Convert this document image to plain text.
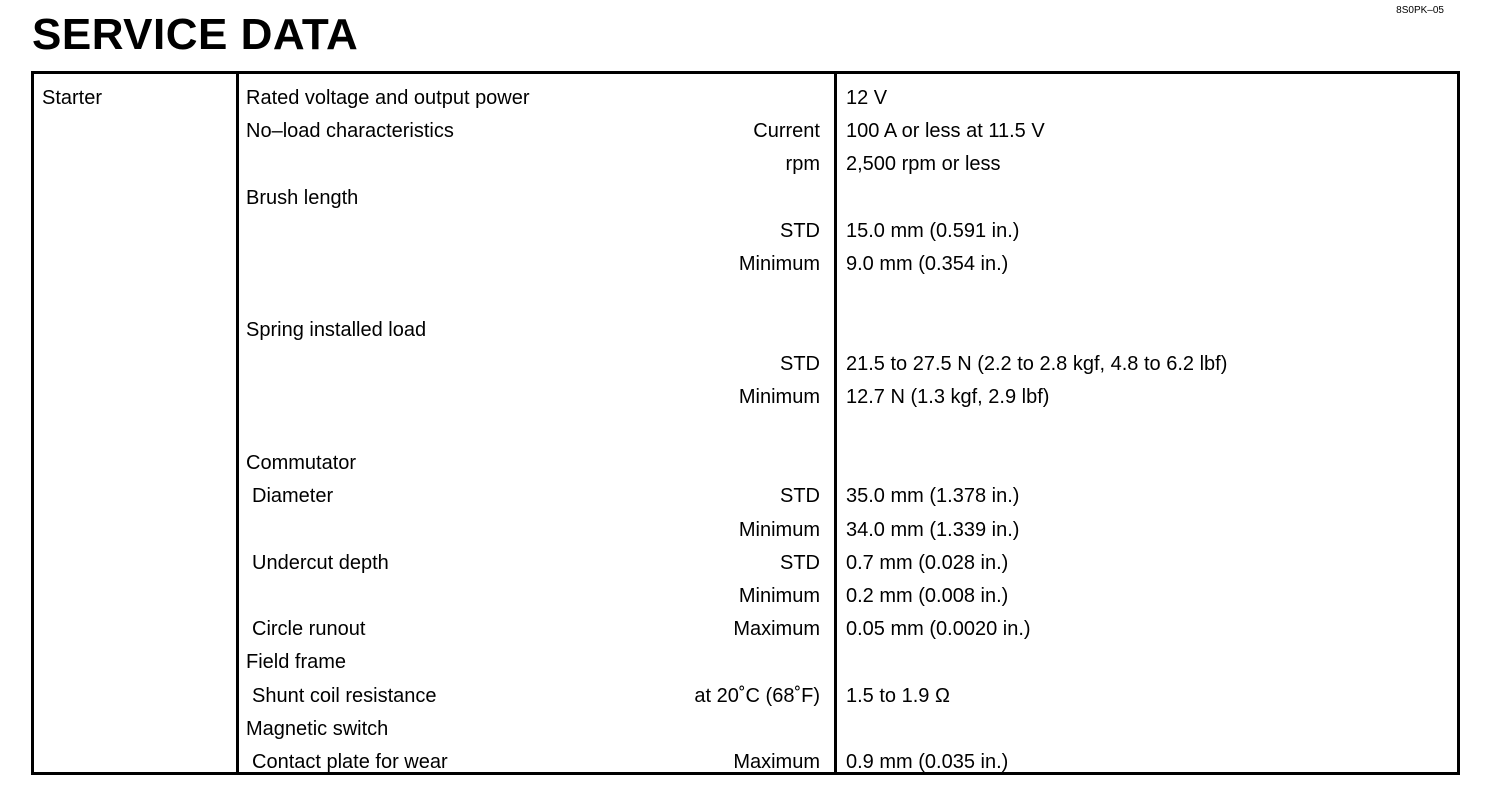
SERVICE DATA	8S0PK–05
Starter	Rated voltage and output power	12 V
No–load characteristics	Current 100 A or less at 11.5 V
rpm 2,500 rpm or less
Brush length
STD 15.0 mm (0.591 in.)
Minimum 9.0 mm (0.354 in.)
Spring installed load
STD 21.5 to 27.5 N (2.2 to 2.8 kgf, 4.8 to 6.2 lbf)
Minimum 12.7 N (1.3 kgf, 2.9 lbf)
Commutator
Diameter	STD 35.0 mm (1.378 in.)
Minimum 34.0 mm (1.339 in.)
Undercut depth	STD 0.7 mm (0.028 in.)
Minimum 0.2 mm (0.008 in.)
Circle runout	Maximum 0.05 mm (0.0020 in.)
Field frame
Shunt coil resistance	at 20˚C (68˚F) 1.5 to 1.9 Ω
Magnetic switch
Contact plate for wear	Maximum 0.9 mm (0.035 in.)
